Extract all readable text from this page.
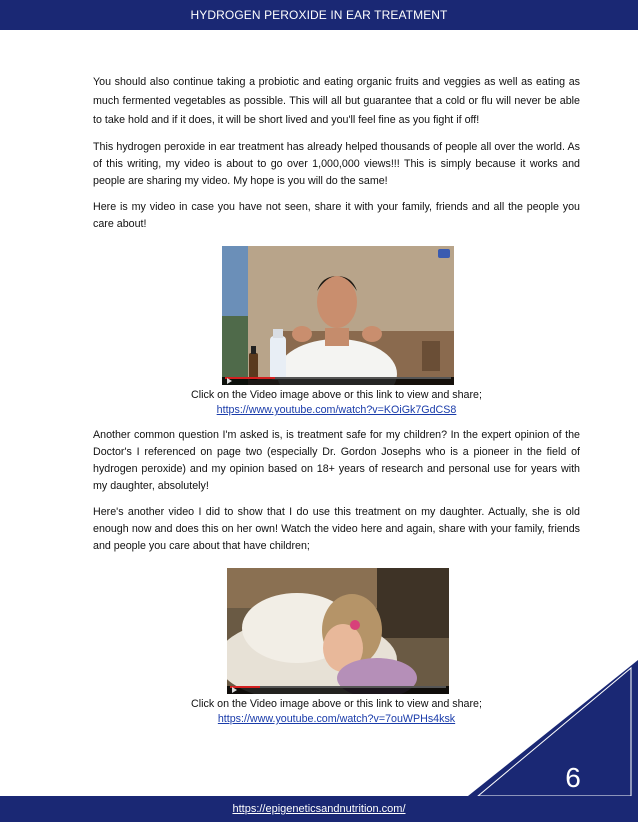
HYDROGEN PEROXIDE IN EAR TREATMENT

You should also continue taking a probiotic and eating organic fruits and veggies as well as eating as much fermented vegetables as possible. This will all but guarantee that a cold or flu will never be able to take hold and if it does, it will be short lived and you'll feel fine as you fight if off!

This hydrogen peroxide in ear treatment has already helped thousands of people all over the world. As of this writing, my video is about to go over 1,000,000 views!!! This is simply because it works and people are sharing my video. My hope is you will do the same!

Here is my video in case you have not seen, share it with your family, friends and all the people you care about!

Click on the Video image above or this link to view and share;
https://www.youtube.com/watch?v=KOiGk7GdCS8

Another common question I'm asked is, is treatment safe for my children? In the expert opinion of the Doctor's I referenced on page two (especially Dr. Gordon Josephs who is a pioneer in the field of hydrogen peroxide) and my opinion based on 18+ years of research and personal use for years with my daughter, absolutely!

Here's another video I did to show that I do use this treatment on my daughter. Actually, she is old enough now and does this on her own! Watch the video here and again, share with your family, friends and people you care about that have children;

Click on the Video image above or this link to view and share;
https://www.youtube.com/watch?v=7ouWPHs4ksk
6
https://epigeneticsandnutrition.com/
